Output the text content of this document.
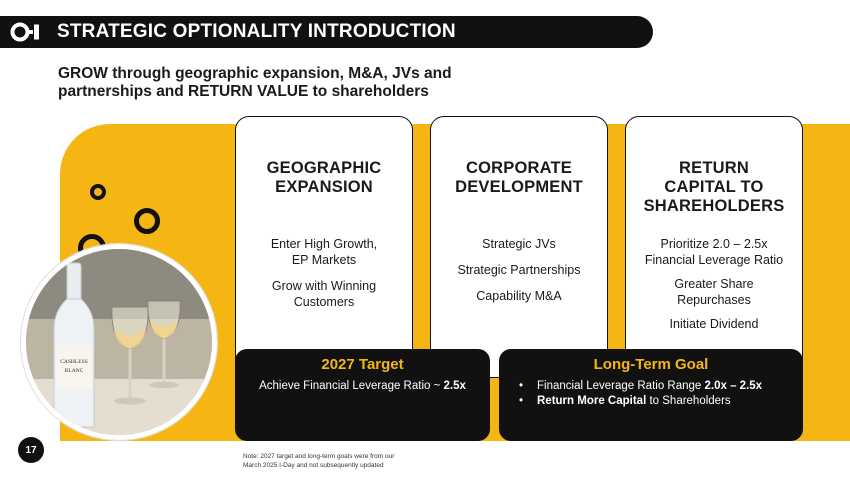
STRATEGIC OPTIONALITY INTRODUCTION
GROW through geographic expansion, M&A, JVs and
partnerships and RETURN VALUE to shareholders
CASHLESS
BLANC
GEOGRAPHIC
EXPANSION
Enter High Growth,
EP Markets
Grow with Winning
Customers
CORPORATE
DEVELOPMENT
Strategic JVs
Strategic Partnerships
Capability M&A
RETURN
CAPITAL TO
SHAREHOLDERS
Prioritize 2.0 – 2.5x
Financial Leverage Ratio
Greater Share
Repurchases
Initiate Dividend
2027 Target
Achieve Financial Leverage Ratio ~ 2.5x
Long-Term Goal
•	Financial Leverage Ratio Range 2.0x – 2.5x
•	Return More Capital to Shareholders
17
Note: 2027 target and long-term goals were from our
March 2025 I-Day and not subsequently updated
